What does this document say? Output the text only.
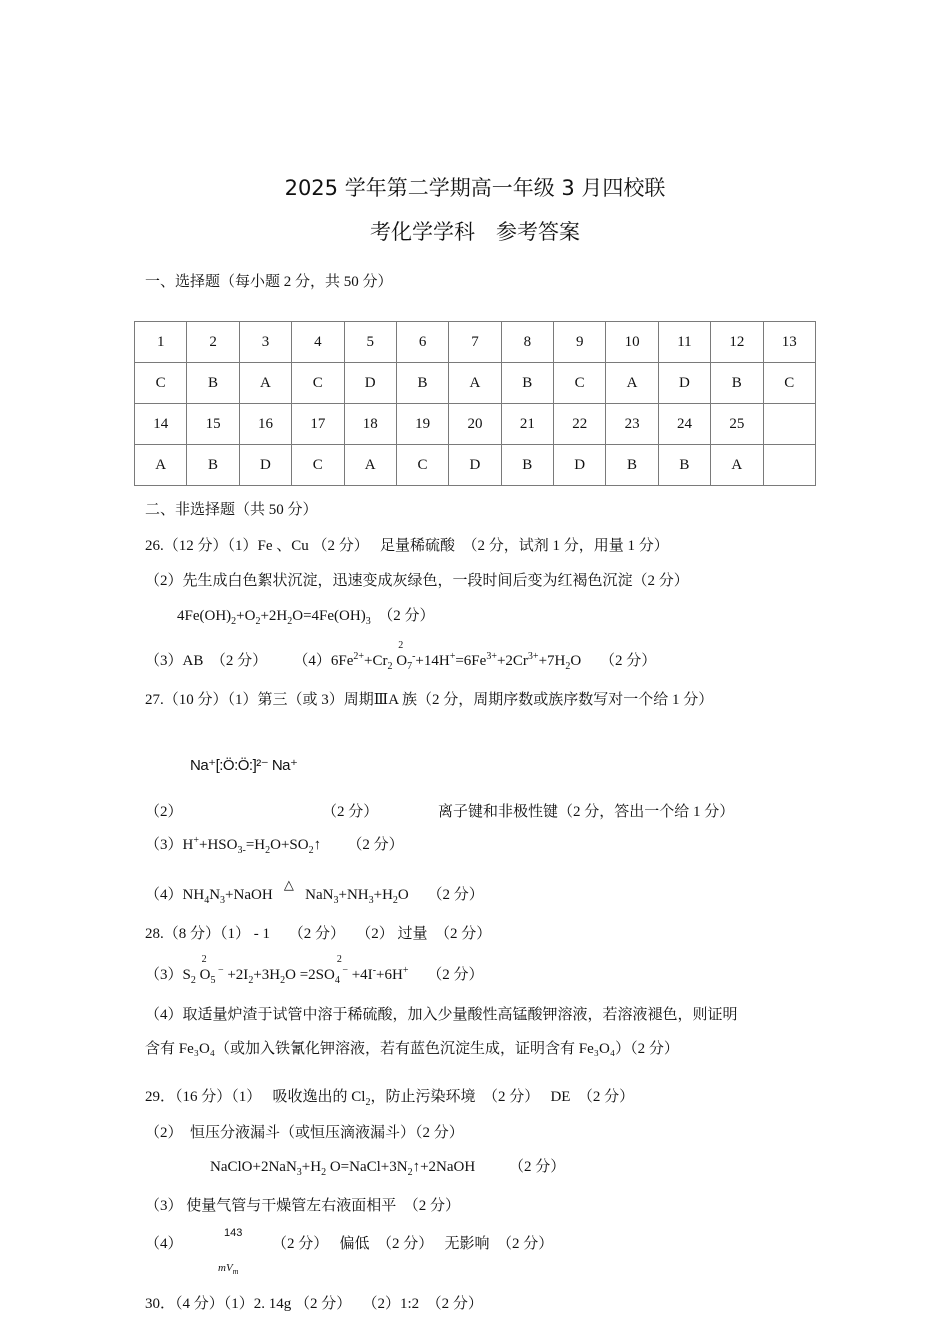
2025 学年第二学期高一年级 3 月四校联
考化学学科　参考答案
一、选择题（每小题 2 分，共 50 分）
1	2	3	4	5	6	7	8	9	10	11	12	13
C	B	A	C	D	B	A	B	C	A	D	B	C
14	15	16	17	18	19	20	21	22	23	24	25	
A	B	D	C	A	C	D	B	D	B	B	A	
二、非选择题（共 50 分）
26.（12 分）（1）Fe 、Cu （2 分）　 足量稀硫酸　（2 分，试剂 1 分，用量 1 分）
（2）先生成白色絮状沉淀，迅速变成灰绿色，一段时间后变为红褐色沉淀（2 分）
$4Fe(OH)_2+O_2+2H_2O=4Fe(OH)_3$ （2 分）
（3）AB　（2 分） $(4)6Fe^{2+}+Cr_2$
2
$O_7^-+14H^+=6Fe^{3+}+2Cr^{3+}+7H_2O$     （2 分）
27.（10 分）（1）第三（或 3）周期ⅢA 族（2 分，周期序数或族序数写对一个给 1 分）
Na⁺[:Ö:Ö:]²⁻ Na⁺
（2）	（2 分）	离子键和非极性键（2 分，答出一个给 1 分）
$(3)H^++HSO_{3-}=H_2O+SO_2↑$       （2 分）
$(4)NH_4N_3+NaOH$   △   $NaN_3+NH_3+H_2O$     （2 分）
28.（8 分）（1） - 1　 （2 分）　 （2） 过量　（2 分）
$(3)S_2$
2
$O_5$ $^- +2I_2+3H_2O =2SO$
2
$_4$ − +4I-+6H+ （2 分）
（4）取适量炉渣于试管中溶于稀硫酸，加入少量酸性高锰酸钾溶液，若溶液褪色，则证明
含有 Fe₃O₄（或加入铁氰化钾溶液，若有蓝色沉淀生成，证明含有 Fe₃O₄）（2 分）
29．（16 分）（1）　 吸收逸出的 $Cl_2$，防止污染环境　（2 分）　 DE　（2 分）
（2）　恒压分液漏斗（或恒压滴液漏斗）（2 分）
$NaClO+2NaN_3+H_2$ $O=NaCl+3N_2↑+2NaOH$         （2 分）
（3） 使量气管与干燥管左右液面相平　（2 分）
（4）
143
$mV_m$
（2 分）　 偏低　（2 分）　 无影响　（2 分）
30．（4 分）（1）2. 14g （2 分）　 （2）1:2　（2 分）
